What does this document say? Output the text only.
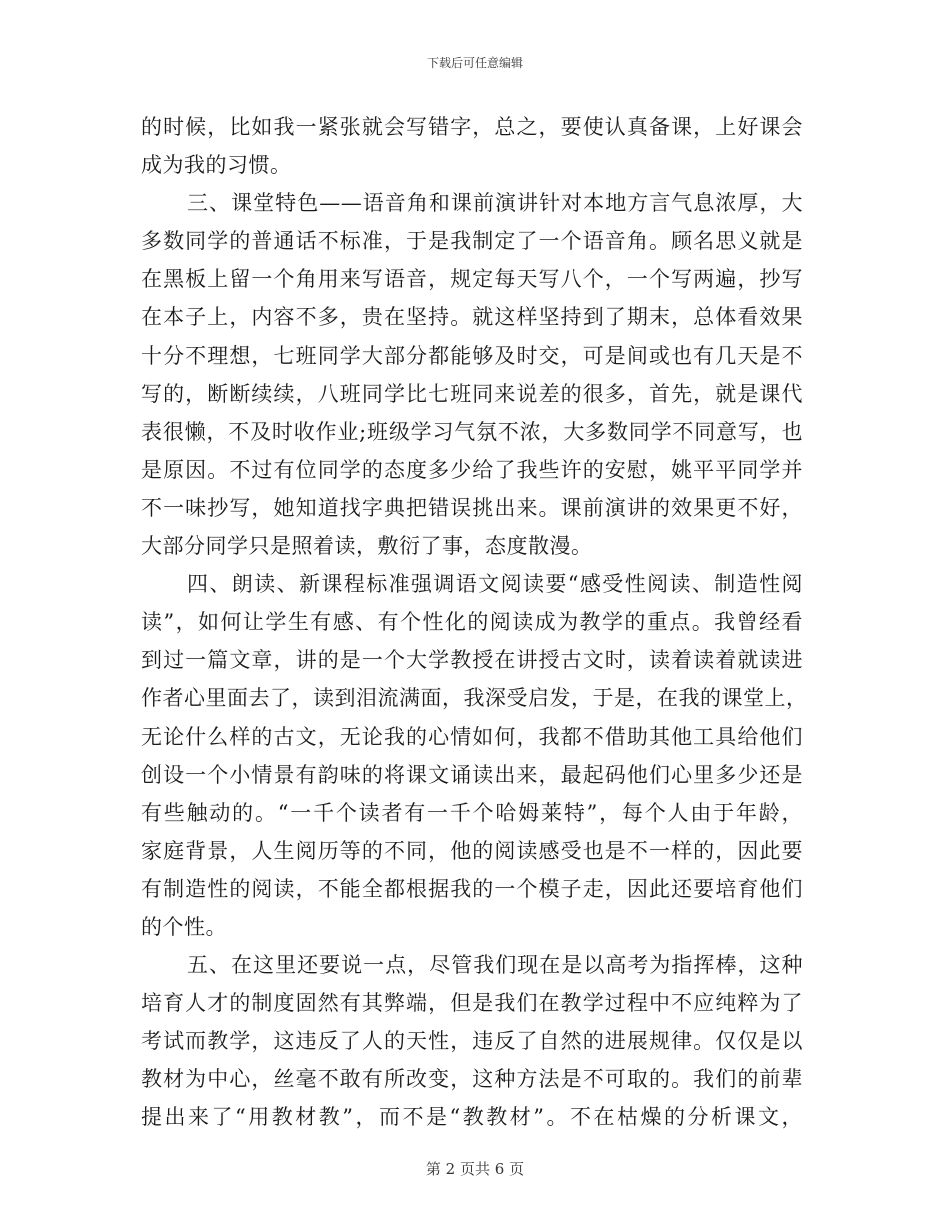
下载后可任意编辑
的时候，比如我一紧张就会写错字，总之，要使认真备课，上好课会
成为我的习惯。
三、课堂特色——语音角和课前演讲针对本地方言气息浓厚，大
多数同学的普通话不标准，于是我制定了一个语音角。顾名思义就是
在黑板上留一个角用来写语音，规定每天写八个，一个写两遍，抄写
在本子上，内容不多，贵在坚持。就这样坚持到了期末，总体看效果
十分不理想，七班同学大部分都能够及时交，可是间或也有几天是不
写的，断断续续，八班同学比七班同来说差的很多，首先，就是课代
表很懒，不及时收作业;班级学习气氛不浓，大多数同学不同意写，也
是原因。不过有位同学的态度多少给了我些许的安慰，姚平平同学并
不一味抄写，她知道找字典把错误挑出来。课前演讲的效果更不好，
大部分同学只是照着读，敷衍了事，态度散漫。
四、朗读、新课程标准强调语文阅读要“感受性阅读、制造性阅
读”，如何让学生有感、有个性化的阅读成为教学的重点。我曾经看
到过一篇文章，讲的是一个大学教授在讲授古文时，读着读着就读进
作者心里面去了，读到泪流满面，我深受启发，于是，在我的课堂上，
无论什么样的古文，无论我的心情如何，我都不借助其他工具给他们
创设一个小情景有韵味的将课文诵读出来，最起码他们心里多少还是
有些触动的。“一千个读者有一千个哈姆莱特”，每个人由于年龄，
家庭背景，人生阅历等的不同，他的阅读感受也是不一样的，因此要
有制造性的阅读，不能全都根据我的一个模子走，因此还要培育他们
的个性。
五、在这里还要说一点，尽管我们现在是以高考为指挥棒，这种
培育人才的制度固然有其弊端，但是我们在教学过程中不应纯粹为了
考试而教学，这违反了人的天性，违反了自然的进展规律。仅仅是以
教材为中心，丝毫不敢有所改变，这种方法是不可取的。我们的前辈
提出来了“用教材教”，而不是“教教材”。不在枯燥的分析课文，
第 2 页共 6 页
